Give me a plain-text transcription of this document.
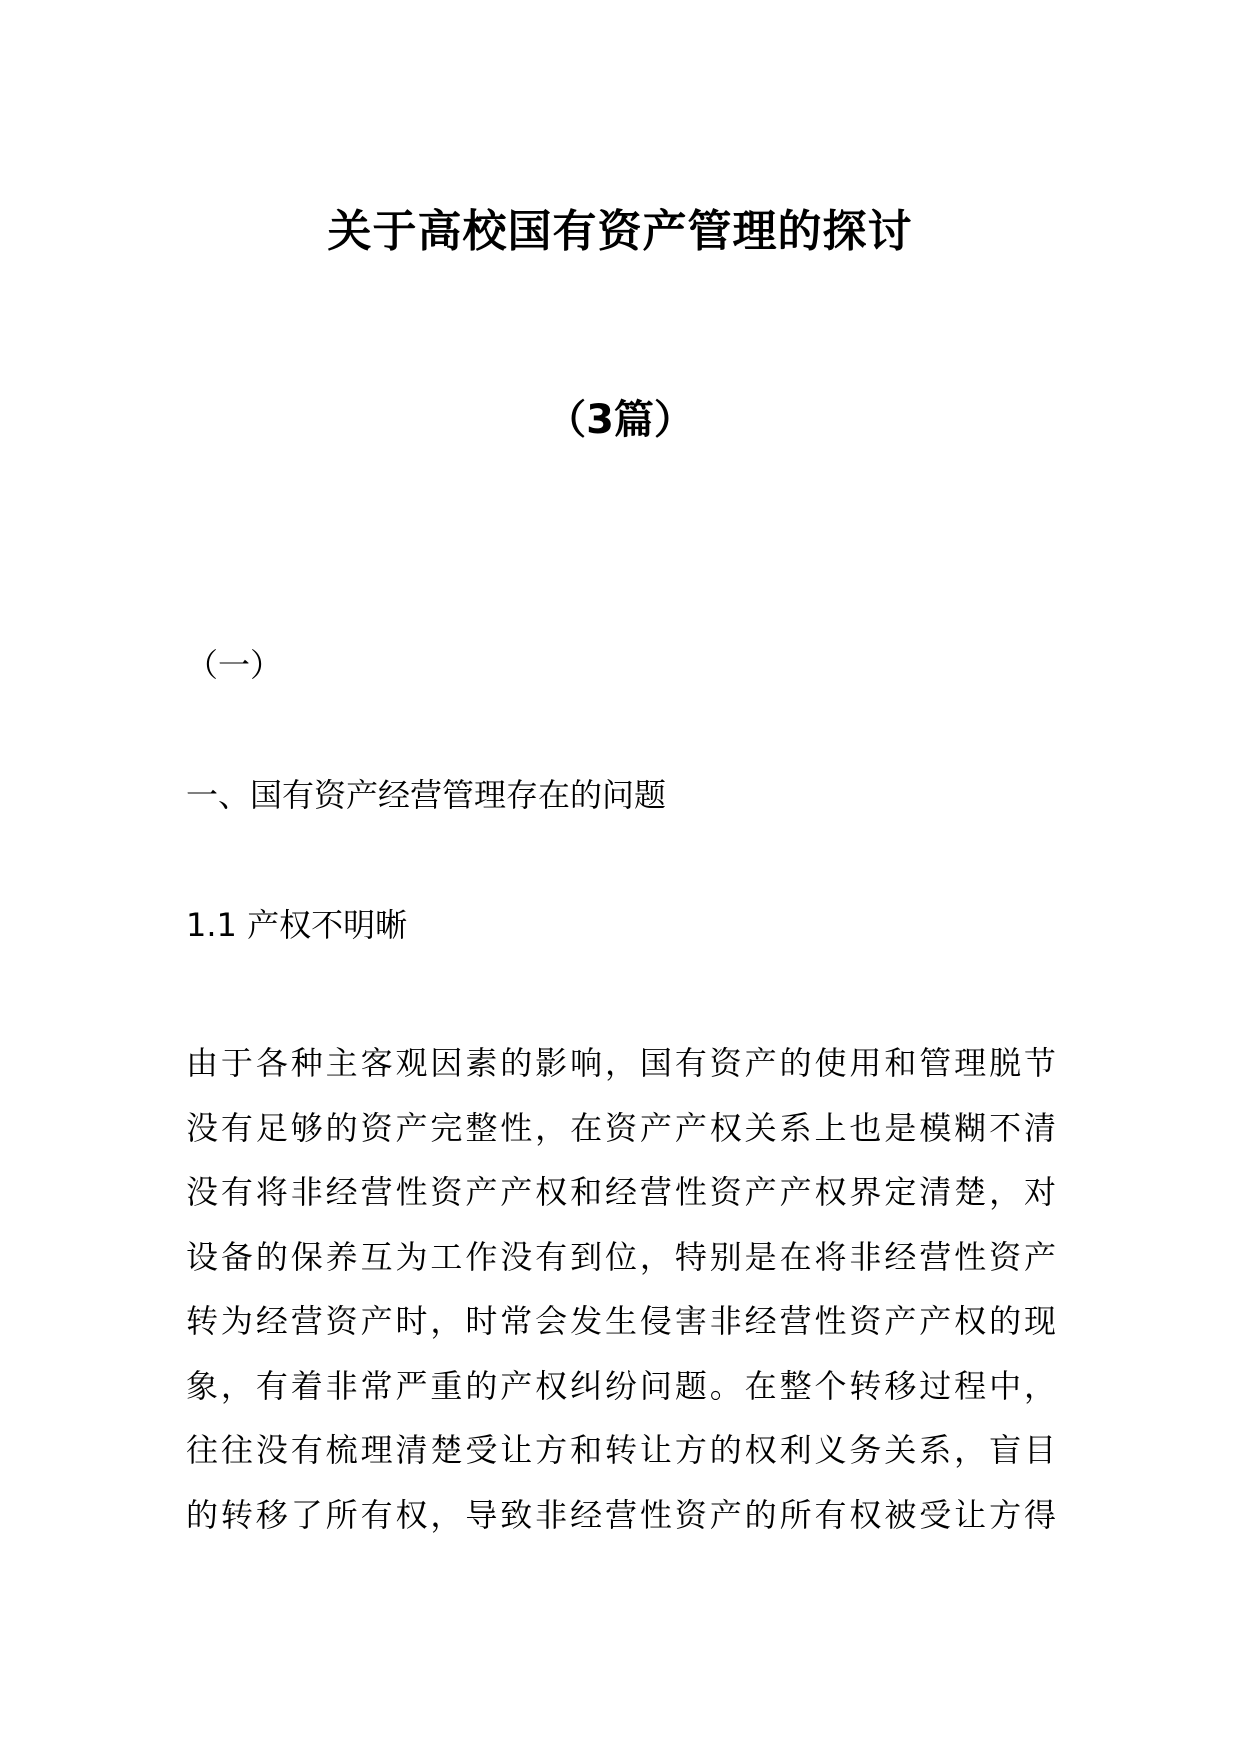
关于高校国有资产管理的探讨
（3篇）
（一）
一、国有资产经营管理存在的问题
1.1 产权不明晰
由于各种主客观因素的影响，国有资产的使用和管理脱节
没有足够的资产完整性，在资产产权关系上也是模糊不清
没有将非经营性资产产权和经营性资产产权界定清楚，对
设备的保养互为工作没有到位，特别是在将非经营性资产
转为经营资产时，时常会发生侵害非经营性资产产权的现
象，有着非常严重的产权纠纷问题。在整个转移过程中，
往往没有梳理清楚受让方和转让方的权利义务关系，盲目
的转移了所有权，导致非经营性资产的所有权被受让方得
